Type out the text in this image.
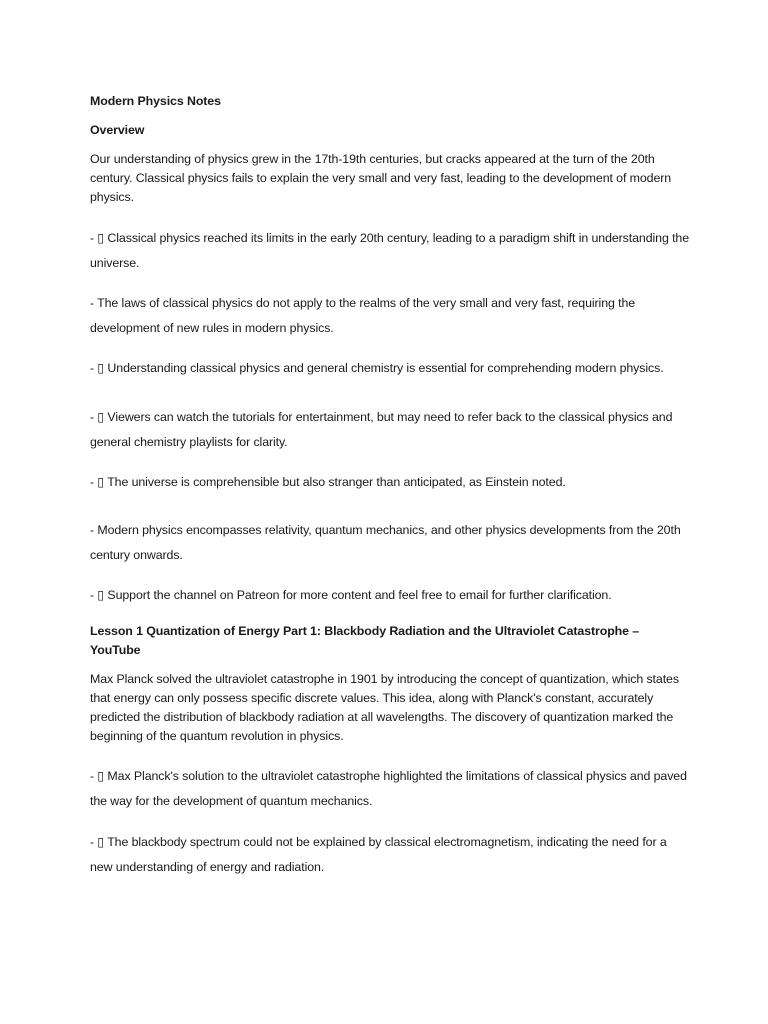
Modern Physics Notes

Overview

Our understanding of physics grew in the 17th-19th centuries, but cracks appeared at the turn of the 20th century. Classical physics fails to explain the very small and very fast, leading to the development of modern physics.

- ▯ Classical physics reached its limits in the early 20th century, leading to a paradigm shift in understanding the universe.

- The laws of classical physics do not apply to the realms of the very small and very fast, requiring the development of new rules in modern physics.

- ▯ Understanding classical physics and general chemistry is essential for comprehending modern physics.

- ▯ Viewers can watch the tutorials for entertainment, but may need to refer back to the classical physics and general chemistry playlists for clarity.

- ▯ The universe is comprehensible but also stranger than anticipated, as Einstein noted.

- Modern physics encompasses relativity, quantum mechanics, and other physics developments from the 20th century onwards.

- ▯ Support the channel on Patreon for more content and feel free to email for further clarification.

Lesson 1 Quantization of Energy Part 1: Blackbody Radiation and the Ultraviolet Catastrophe – YouTube

Max Planck solved the ultraviolet catastrophe in 1901 by introducing the concept of quantization, which states that energy can only possess specific discrete values. This idea, along with Planck's constant, accurately predicted the distribution of blackbody radiation at all wavelengths. The discovery of quantization marked the beginning of the quantum revolution in physics.

- ▯ Max Planck's solution to the ultraviolet catastrophe highlighted the limitations of classical physics and paved the way for the development of quantum mechanics.

- ▯ The blackbody spectrum could not be explained by classical electromagnetism, indicating the need for a new understanding of energy and radiation.
